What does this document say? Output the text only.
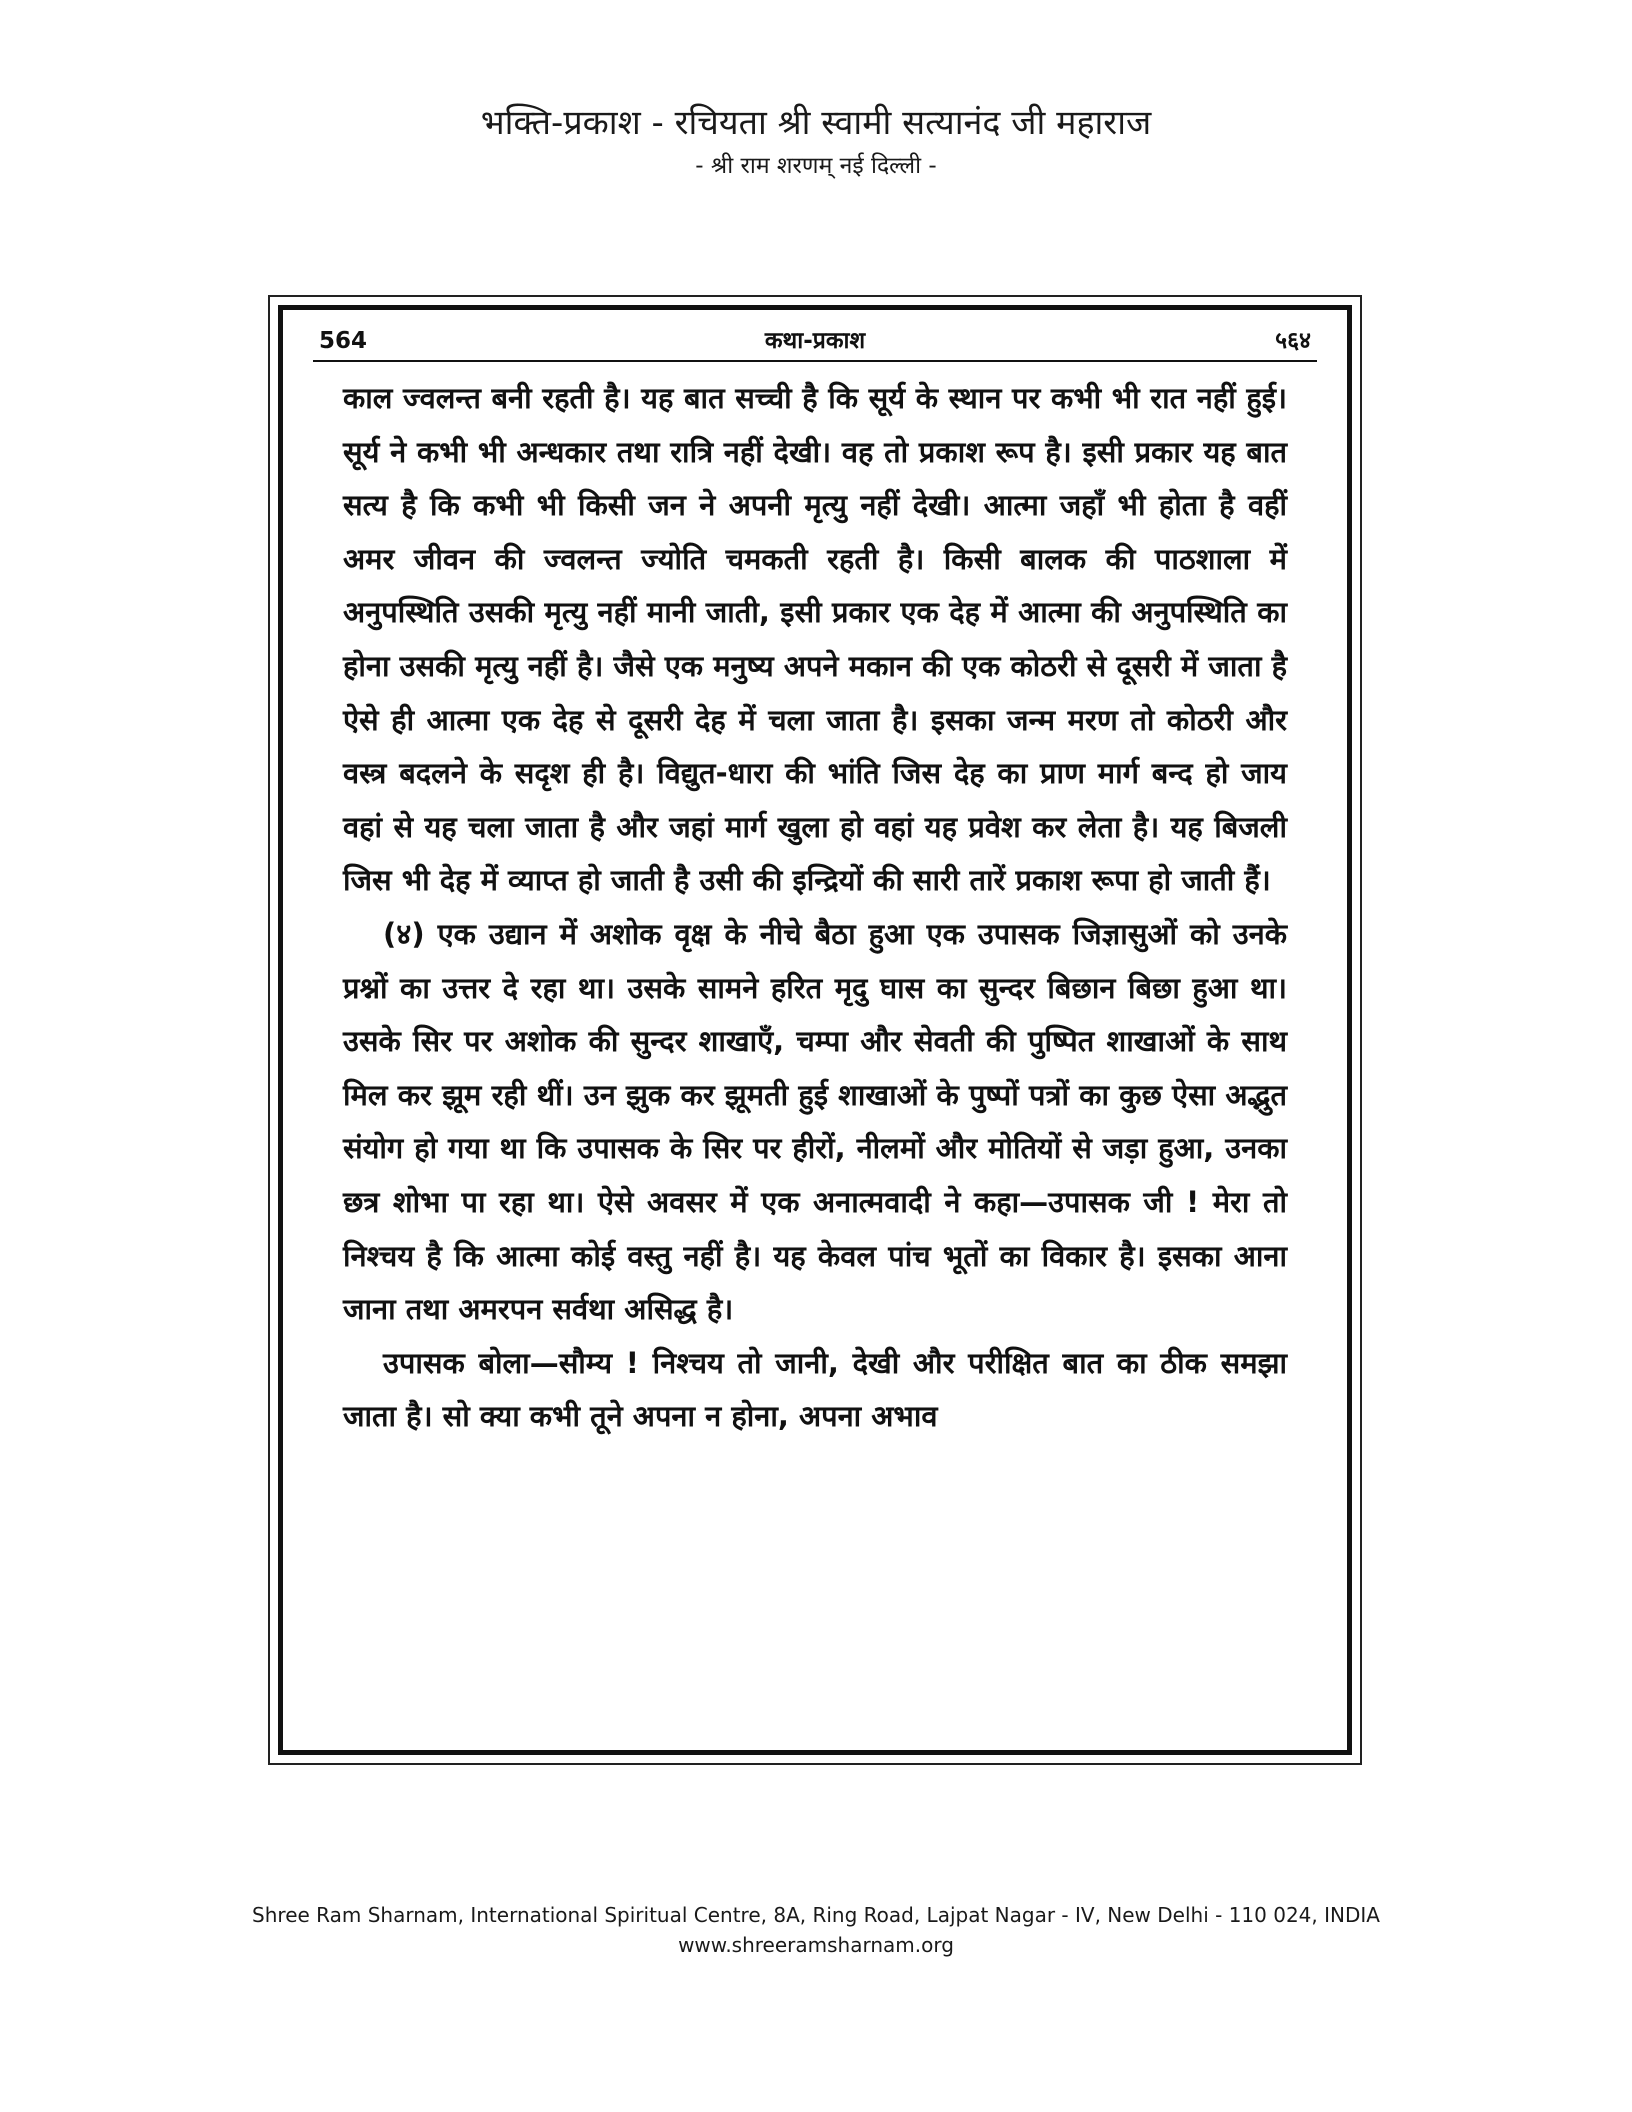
भक्ति-प्रकाश - रचियता श्री स्वामी सत्यानंद जी महाराज
- श्री राम शरणम् नई दिल्ली -
564	कथा-प्रकाश	५६४

काल ज्वलन्त बनी रहती है। यह बात सच्ची है कि सूर्य के स्थान पर कभी भी रात नहीं हुई। सूर्य ने कभी भी अन्धकार तथा रात्रि नहीं देखी। वह तो प्रकाश रूप है। इसी प्रकार यह बात सत्य है कि कभी भी किसी जन ने अपनी मृत्यु नहीं देखी। आत्मा जहाँ भी होता है वहीं अमर जीवन की ज्वलन्त ज्योति चमकती रहती है। किसी बालक की पाठशाला में अनुपस्थिति उसकी मृत्यु नहीं मानी जाती, इसी प्रकार एक देह में आत्मा की अनुपस्थिति का होना उसकी मृत्यु नहीं है। जैसे एक मनुष्य अपने मकान की एक कोठरी से दूसरी में जाता है ऐसे ही आत्मा एक देह से दूसरी देह में चला जाता है। इसका जन्म मरण तो कोठरी और वस्त्र बदलने के सदृश ही है। विद्युत-धारा की भांति जिस देह का प्राण मार्ग बन्द हो जाय वहां से यह चला जाता है और जहां मार्ग खुला हो वहां यह प्रवेश कर लेता है। यह बिजली जिस भी देह में व्याप्त हो जाती है उसी की इन्द्रियों की सारी तारें प्रकाश रूपा हो जाती हैं।

(४) एक उद्यान में अशोक वृक्ष के नीचे बैठा हुआ एक उपासक जिज्ञासुओं को उनके प्रश्नों का उत्तर दे रहा था। उसके सामने हरित मृदु घास का सुन्दर बिछान बिछा हुआ था। उसके सिर पर अशोक की सुन्दर शाखाएँ, चम्पा और सेवती की पुष्पित शाखाओं के साथ मिल कर झूम रही थीं। उन झुक कर झूमती हुई शाखाओं के पुष्पों पत्रों का कुछ ऐसा अद्भुत संयोग हो गया था कि उपासक के सिर पर हीरों, नीलमों और मोतियों से जड़ा हुआ, उनका छत्र शोभा पा रहा था। ऐसे अवसर में एक अनात्मवादी ने कहा—उपासक जी ! मेरा तो निश्चय है कि आत्मा कोई वस्तु नहीं है। यह केवल पांच भूतों का विकार है। इसका आना जाना तथा अमरपन सर्वथा असिद्ध है।

उपासक बोला—सौम्य ! निश्चय तो जानी, देखी और परीक्षित बात का ठीक समझा जाता है। सो क्या कभी तूने अपना न होना, अपना अभाव

Shree Ram Sharnam, International Spiritual Centre, 8A, Ring Road, Lajpat Nagar - IV, New Delhi - 110 024, INDIA
www.shreeramsharnam.org
